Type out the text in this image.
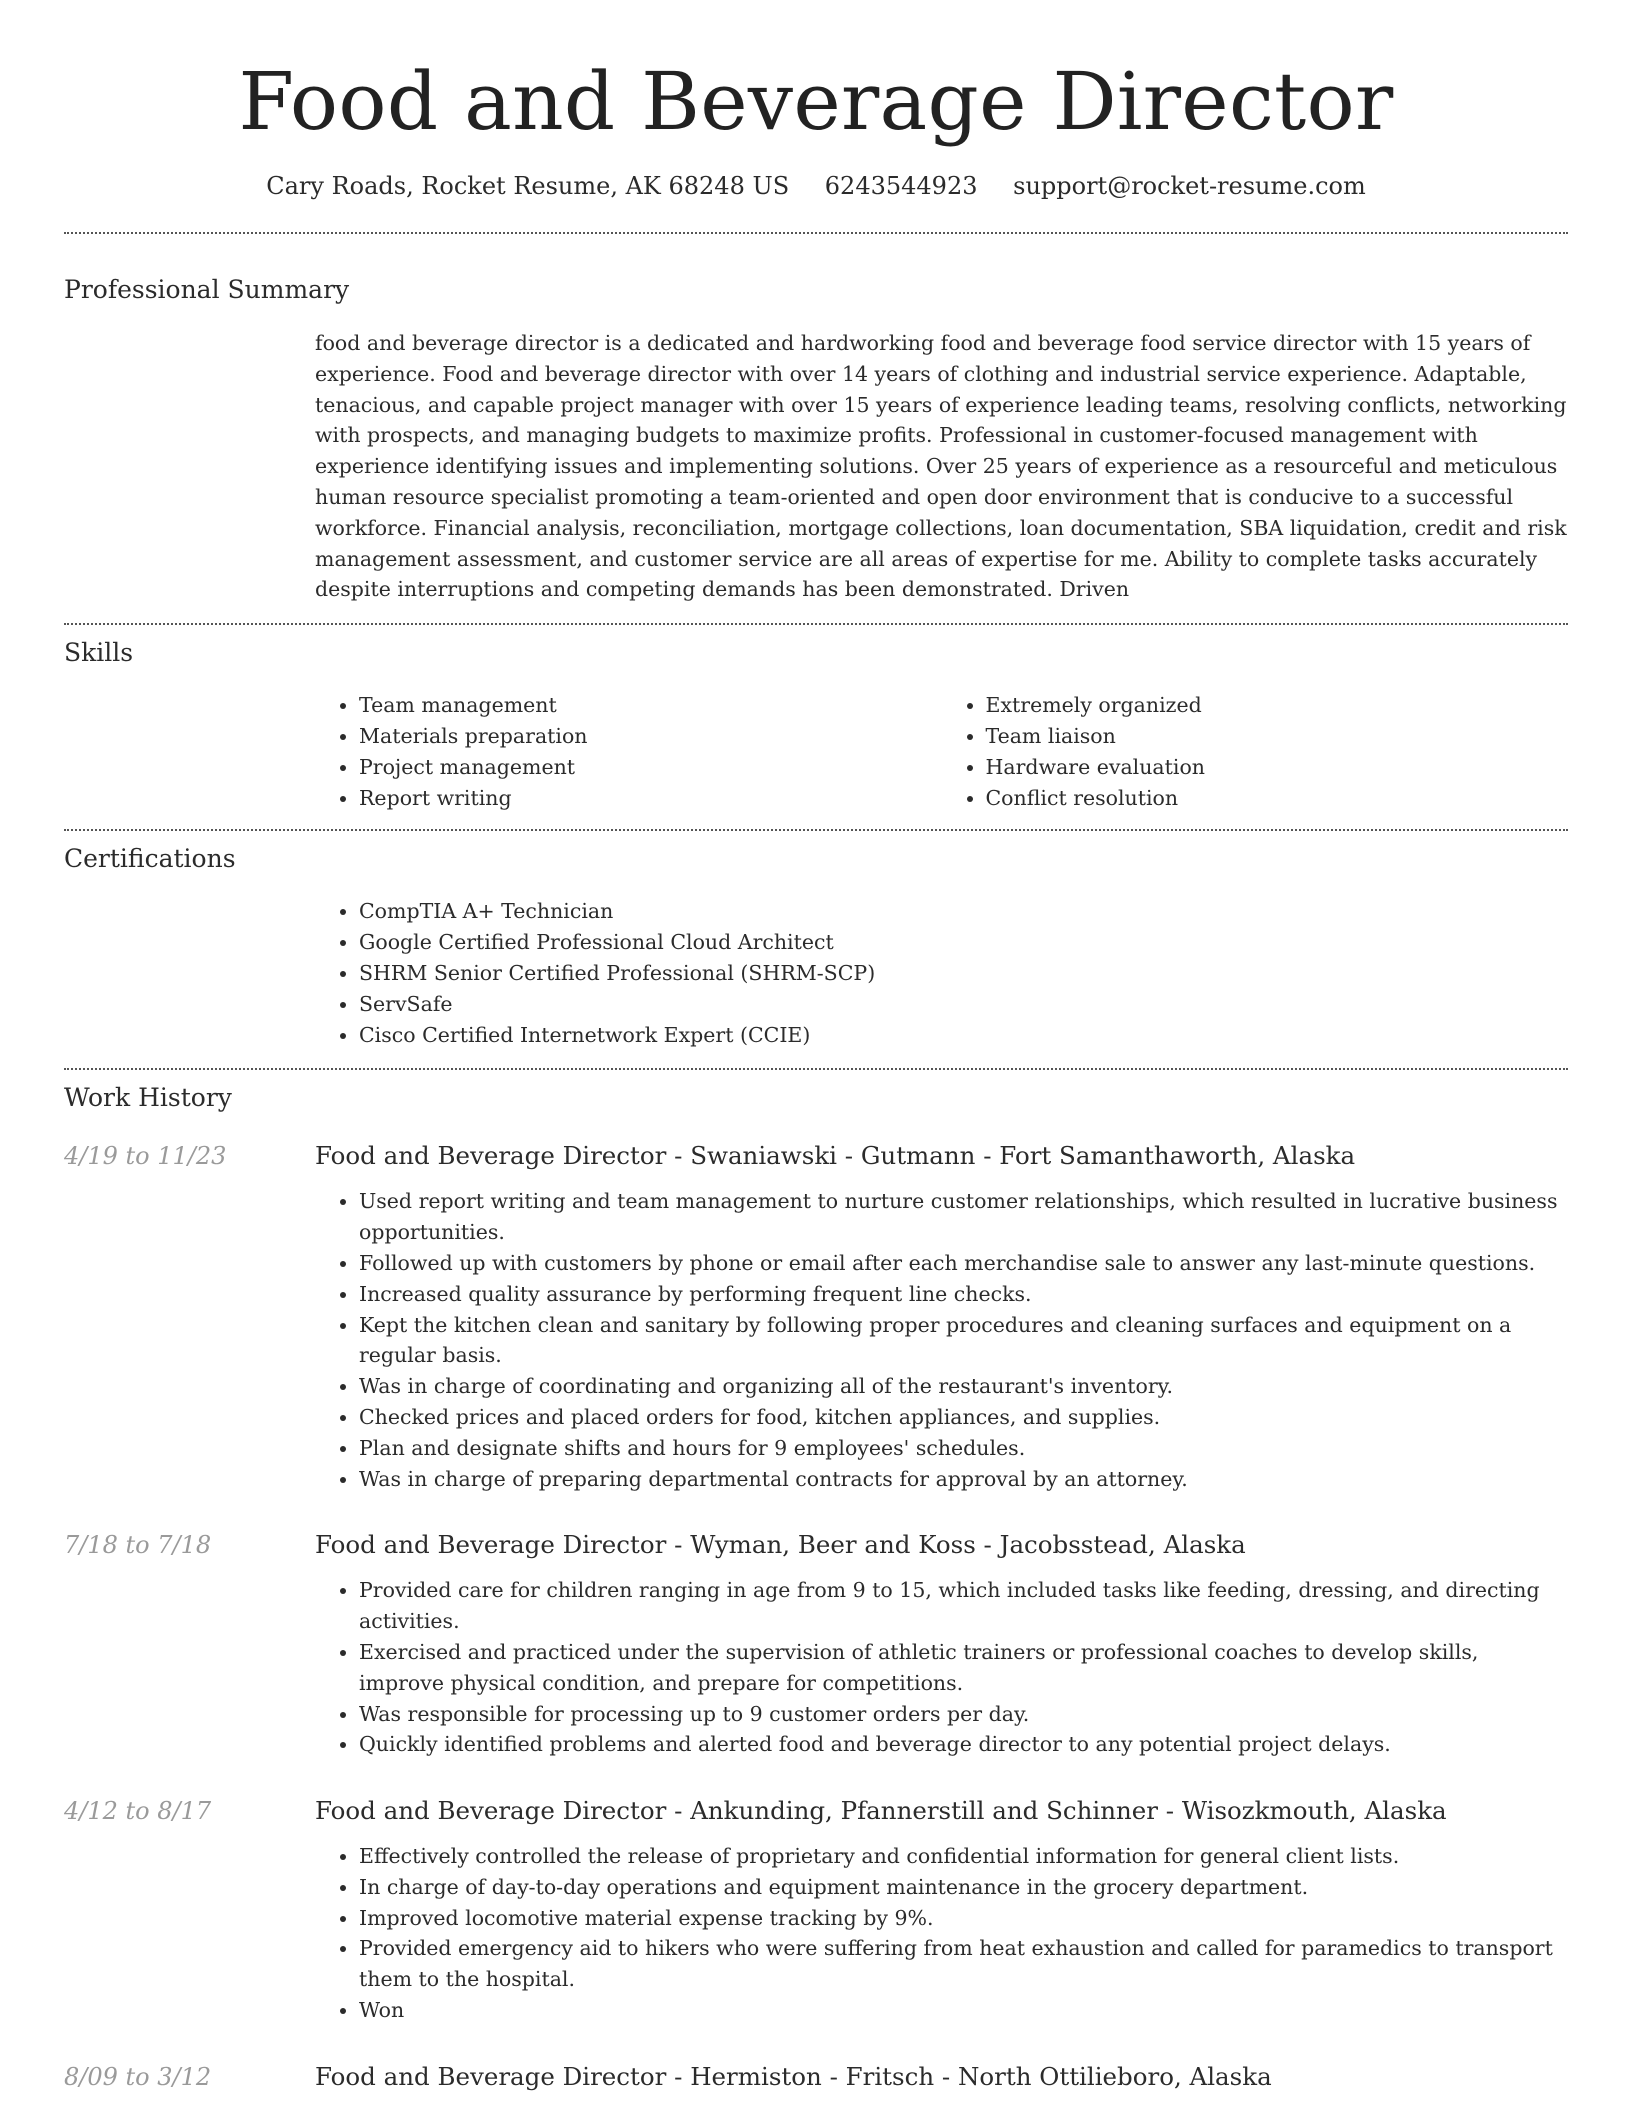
Food and Beverage Director
Cary Roads, Rocket Resume, AK 68248 US 6243544923 support@rocket-resume.com
Professional Summary

food and beverage director is a dedicated and hardworking food and beverage food service director with 15 years of experience. Food and beverage director with over 14 years of clothing and industrial service experience. Adaptable, tenacious, and capable project manager with over 15 years of experience leading teams, resolving conflicts, networking with prospects, and managing budgets to maximize profits. Professional in customer-focused management with experience identifying issues and implementing solutions. Over 25 years of experience as a resourceful and meticulous human resource specialist promoting a team-oriented and open door environment that is conducive to a successful workforce. Financial analysis, reconciliation, mortgage collections, loan documentation, SBA liquidation, credit and risk management assessment, and customer service are all areas of expertise for me. Ability to complete tasks accurately despite interruptions and competing demands has been demonstrated. Driven

Skills
• Team management
• Materials preparation
• Project management
• Report writing
• Extremely organized
• Team liaison
• Hardware evaluation
• Conflict resolution
Certifications
• CompTIA A+ Technician
• Google Certified Professional Cloud Architect
• SHRM Senior Certified Professional (SHRM-SCP)
• ServSafe
• Cisco Certified Internetwork Expert (CCIE)
Work History
4/19 to 11/23	Food and Beverage Director - Swaniawski - Gutmann - Fort Samanthaworth, Alaska
• Used report writing and team management to nurture customer relationships, which resulted in lucrative business opportunities.
• Followed up with customers by phone or email after each merchandise sale to answer any last-minute questions.
• Increased quality assurance by performing frequent line checks.
• Kept the kitchen clean and sanitary by following proper procedures and cleaning surfaces and equipment on a regular basis.
• Was in charge of coordinating and organizing all of the restaurant's inventory.
• Checked prices and placed orders for food, kitchen appliances, and supplies.
• Plan and designate shifts and hours for 9 employees' schedules.
• Was in charge of preparing departmental contracts for approval by an attorney.
7/18 to 7/18	Food and Beverage Director - Wyman, Beer and Koss - Jacobsstead, Alaska
• Provided care for children ranging in age from 9 to 15, which included tasks like feeding, dressing, and directing activities.
• Exercised and practiced under the supervision of athletic trainers or professional coaches to develop skills, improve physical condition, and prepare for competitions.
• Was responsible for processing up to 9 customer orders per day.
• Quickly identified problems and alerted food and beverage director to any potential project delays.
4/12 to 8/17	Food and Beverage Director - Ankunding, Pfannerstill and Schinner - Wisozkmouth, Alaska
• Effectively controlled the release of proprietary and confidential information for general client lists.
• In charge of day-to-day operations and equipment maintenance in the grocery department.
• Improved locomotive material expense tracking by 9%.
• Provided emergency aid to hikers who were suffering from heat exhaustion and called for paramedics to transport them to the hospital.
• Won
8/09 to 3/12	Food and Beverage Director - Hermiston - Fritsch - North Ottilieboro, Alaska
